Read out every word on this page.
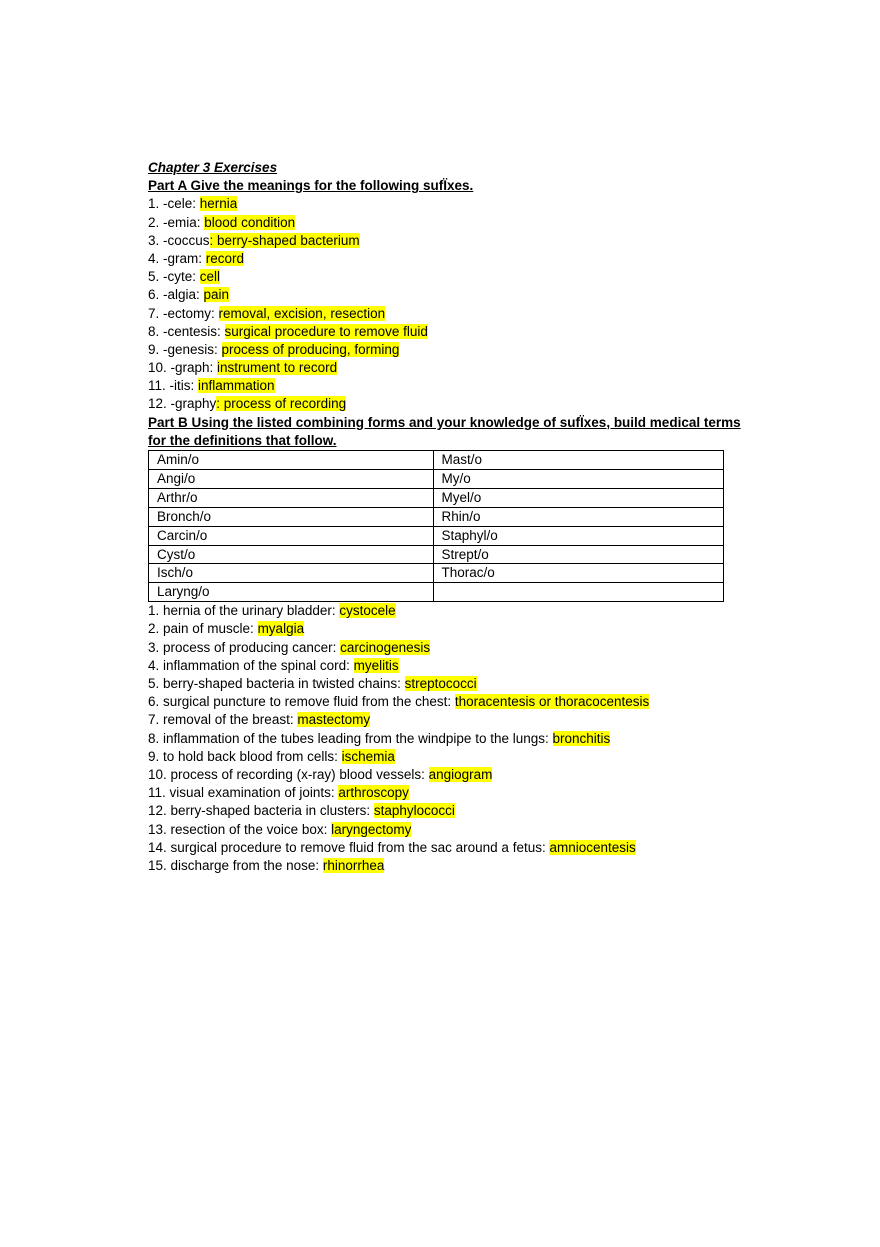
Chapter 3 Exercises
Part A Give the meanings for the following sufÏxes.
1. -cele: hernia
2. -emia: blood condition
3. -coccus: berry-shaped bacterium
4. -gram: record
5. -cyte: cell
6. -algia: pain
7. -ectomy: removal, excision, resection
8. -centesis: surgical procedure to remove fluid
9. -genesis: process of producing, forming
10. -graph: instrument to record
11. -itis: inflammation
12. -graphy: process of recording
Part B Using the listed combining forms and your knowledge of sufÏxes, build medical terms
for the definitions that follow.
Amin/o	Mast/o
Angi/o	My/o
Arthr/o	Myel/o
Bronch/o	Rhin/o
Carcin/o	Staphyl/o
Cyst/o	Strept/o
Isch/o	Thorac/o
Laryng/o	
1. hernia of the urinary bladder: cystocele
2. pain of muscle: myalgia
3. process of producing cancer: carcinogenesis
4. inflammation of the spinal cord: myelitis
5. berry-shaped bacteria in twisted chains: streptococci
6. surgical puncture to remove fluid from the chest: thoracentesis or thoracocentesis
7. removal of the breast: mastectomy
8. inflammation of the tubes leading from the windpipe to the lungs: bronchitis
9. to hold back blood from cells: ischemia
10. process of recording (x-ray) blood vessels: angiogram
11. visual examination of joints: arthroscopy
12. berry-shaped bacteria in clusters: staphylococci
13. resection of the voice box: laryngectomy
14. surgical procedure to remove fluid from the sac around a fetus: amniocentesis
15. discharge from the nose: rhinorrhea
